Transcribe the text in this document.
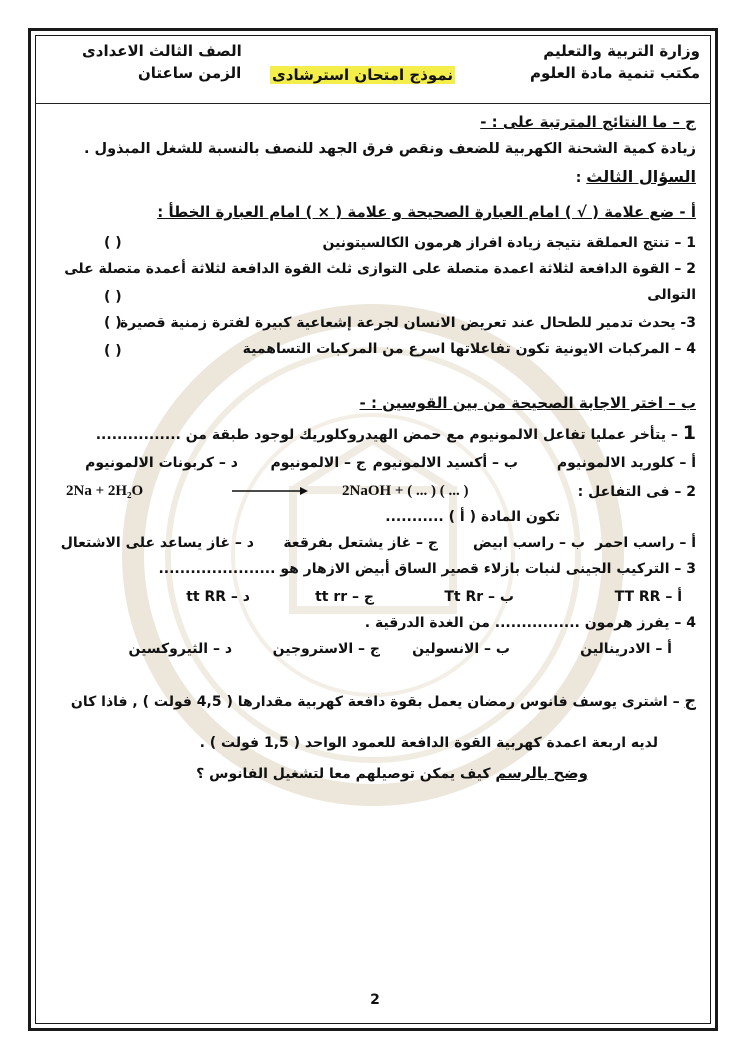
وزارة التربية والتعليم
مكتب تنمية مادة العلوم
الصف الثالث الاعدادى
الزمن ساعتان نموذج امتحان استرشادى
ج – ما النتائج المترتبة على : -
زيادة كمية الشحنة الكهربية للضعف ونقص فرق الجهد للنصف بالنسبة للشغل المبذول .
السؤال الثالث :
أ - ضع علامة ( √ ) امام العبارة الصحيحة و علامة ( × ) امام العبارة الخطأ :
1 – تنتج العملقة نتيجة زيادة افراز هرمون الكالسيتونين
( )
2 – القوة الدافعة لثلاثة اعمدة متصلة على التوازى ثلث القوة الدافعة لثلاثة أعمدة متصلة على
التوالى
( )
3- يحدث تدمير للطحال عند تعريض الانسان لجرعة إشعاعية كبيرة لفترة زمنية قصيرة
( )
4 – المركبات الايونية تكون تفاعلاتها اسرع من المركبات التساهمية
( )
ب – اختر الاجابة الصحيحة من بين القوسين : -
1 – يتأخر عمليا تفاعل الالمونيوم مع حمض الهيدروكلوريك لوجود طبقة من ................
أ – كلوريد الالمونيوم
ب – أكسيد الالمونيوم
ج – الالمونيوم
د – كربونات الالمونيوم
2 – فى التفاعل :
2Na + 2H₂O	2NaOH + ( ... ) ( ... )
تكون المادة ( أ ) ...........
أ – راسب احمر
ب – راسب ابيض
ج – غاز يشتعل بفرقعة
د – غاز يساعد على الاشتعال
3 – التركيب الجينى لنبات بازلاء قصير الساق أبيض الازهار هو ......................
أ – TT RR
ب – Tt Rr
ج – tt rr
د – tt RR
4 – يفرز هرمون ................ من الغدة الدرقية .
أ – الادرينالين
ب – الانسولين
ج – الاستروجين
د – الثيروكسين
ج – اشترى يوسف فانوس رمضان يعمل بقوة دافعة كهربية مقدارها ( 4,5 فولت ) , فاذا كان
لديه اربعة اعمدة كهربية القوة الدافعة للعمود الواحد ( 1,5 فولت ) .
وضح بالرسم كيف يمكن توصيلهم معا لتشغيل الفانوس ؟
2
